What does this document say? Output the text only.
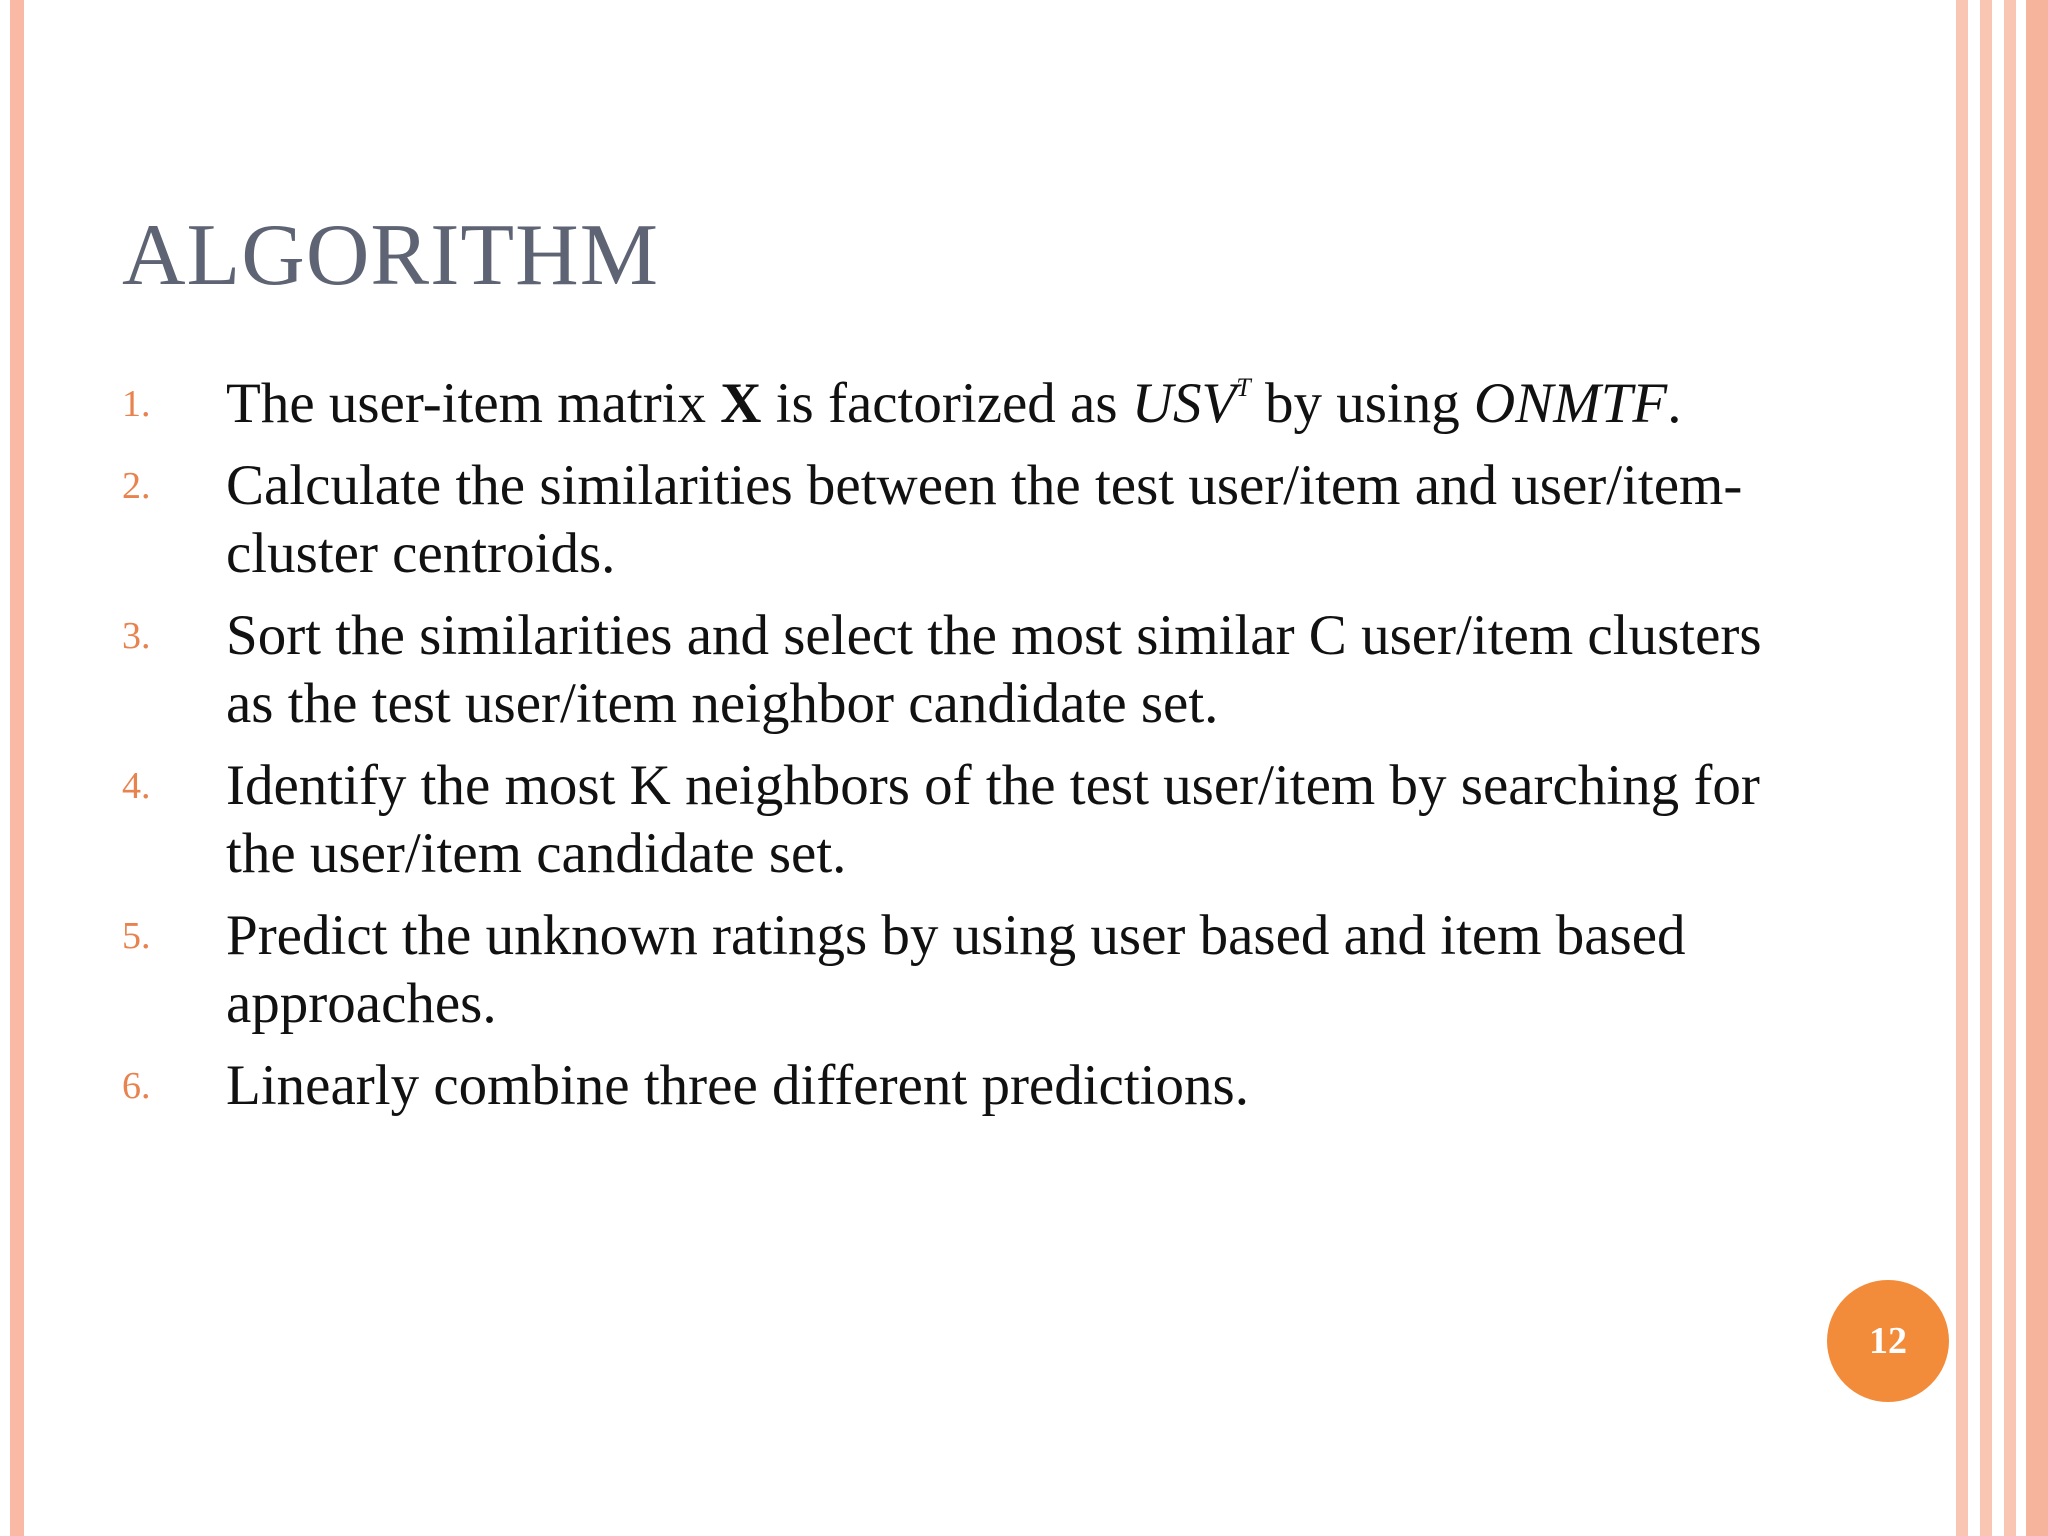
ALGORITHM
1. The user-item matrix X is factorized as $USV^T$ by using ONMTF.
2. Calculate the similarities between the test user/item and user/item-cluster centroids.
3. Sort the similarities and select the most similar C user/item clusters as the test user/item neighbor candidate set.
4. Identify the most K neighbors of the test user/item by searching for the user/item candidate set.
5. Predict the unknown ratings by using user based and item based approaches.
6. Linearly combine three different predictions.
12
